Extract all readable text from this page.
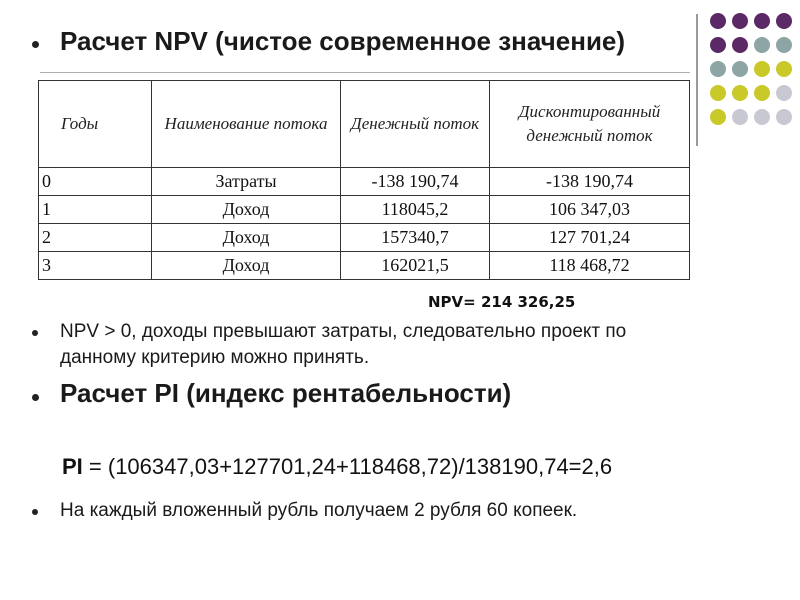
Расчет NPV (чистое современное значение)
Годы	Наименование потока	Денежный поток	Дисконтированный денежный поток
0	Затраты	-138 190,74	-138 190,74
1	Доход	118045,2	106 347,03
2	Доход	157340,7	127 701,24
3	Доход	162021,5	118 468,72
NPV= 214 326,25
NPV > 0, доходы превышают затраты, следовательно проект по данному критерию можно принять.
Расчет PI (индекс рентабельности)
PI = (106347,03+127701,24+118468,72)/138190,74=2,6
На каждый вложенный рубль получаем 2 рубля 60 копеек.
